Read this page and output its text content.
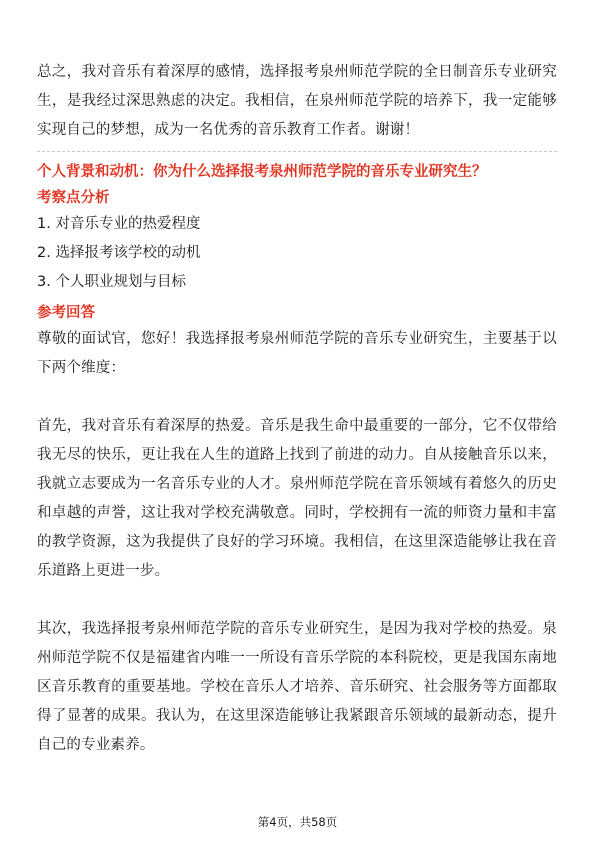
总之，我对音乐有着深厚的感情，选择报考泉州师范学院的全日制音乐专业研究生，是我经过深思熟虑的决定。我相信，在泉州师范学院的培养下，我一定能够实现自己的梦想，成为一名优秀的音乐教育工作者。谢谢！

个人背景和动机：你为什么选择报考泉州师范学院的音乐专业研究生？
考察点分析
1. 对音乐专业的热爱程度
2. 选择报考该学校的动机
3. 个人职业规划与目标
参考回答

尊敬的面试官，您好！我选择报考泉州师范学院的音乐专业研究生，主要基于以下两个维度：

首先，我对音乐有着深厚的热爱。音乐是我生命中最重要的一部分，它不仅带给我无尽的快乐，更让我在人生的道路上找到了前进的动力。自从接触音乐以来，我就立志要成为一名音乐专业的人才。泉州师范学院在音乐领域有着悠久的历史和卓越的声誉，这让我对学校充满敬意。同时，学校拥有一流的师资力量和丰富的教学资源，这为我提供了良好的学习环境。我相信，在这里深造能够让我在音乐道路上更进一步。

其次，我选择报考泉州师范学院的音乐专业研究生，是因为我对学校的热爱。泉州师范学院不仅是福建省内唯一一所设有音乐学院的本科院校，更是我国东南地区音乐教育的重要基地。学校在音乐人才培养、音乐研究、社会服务等方面都取得了显著的成果。我认为，在这里深造能够让我紧跟音乐领域的最新动态，提升自己的专业素养。

第4页，共58页
